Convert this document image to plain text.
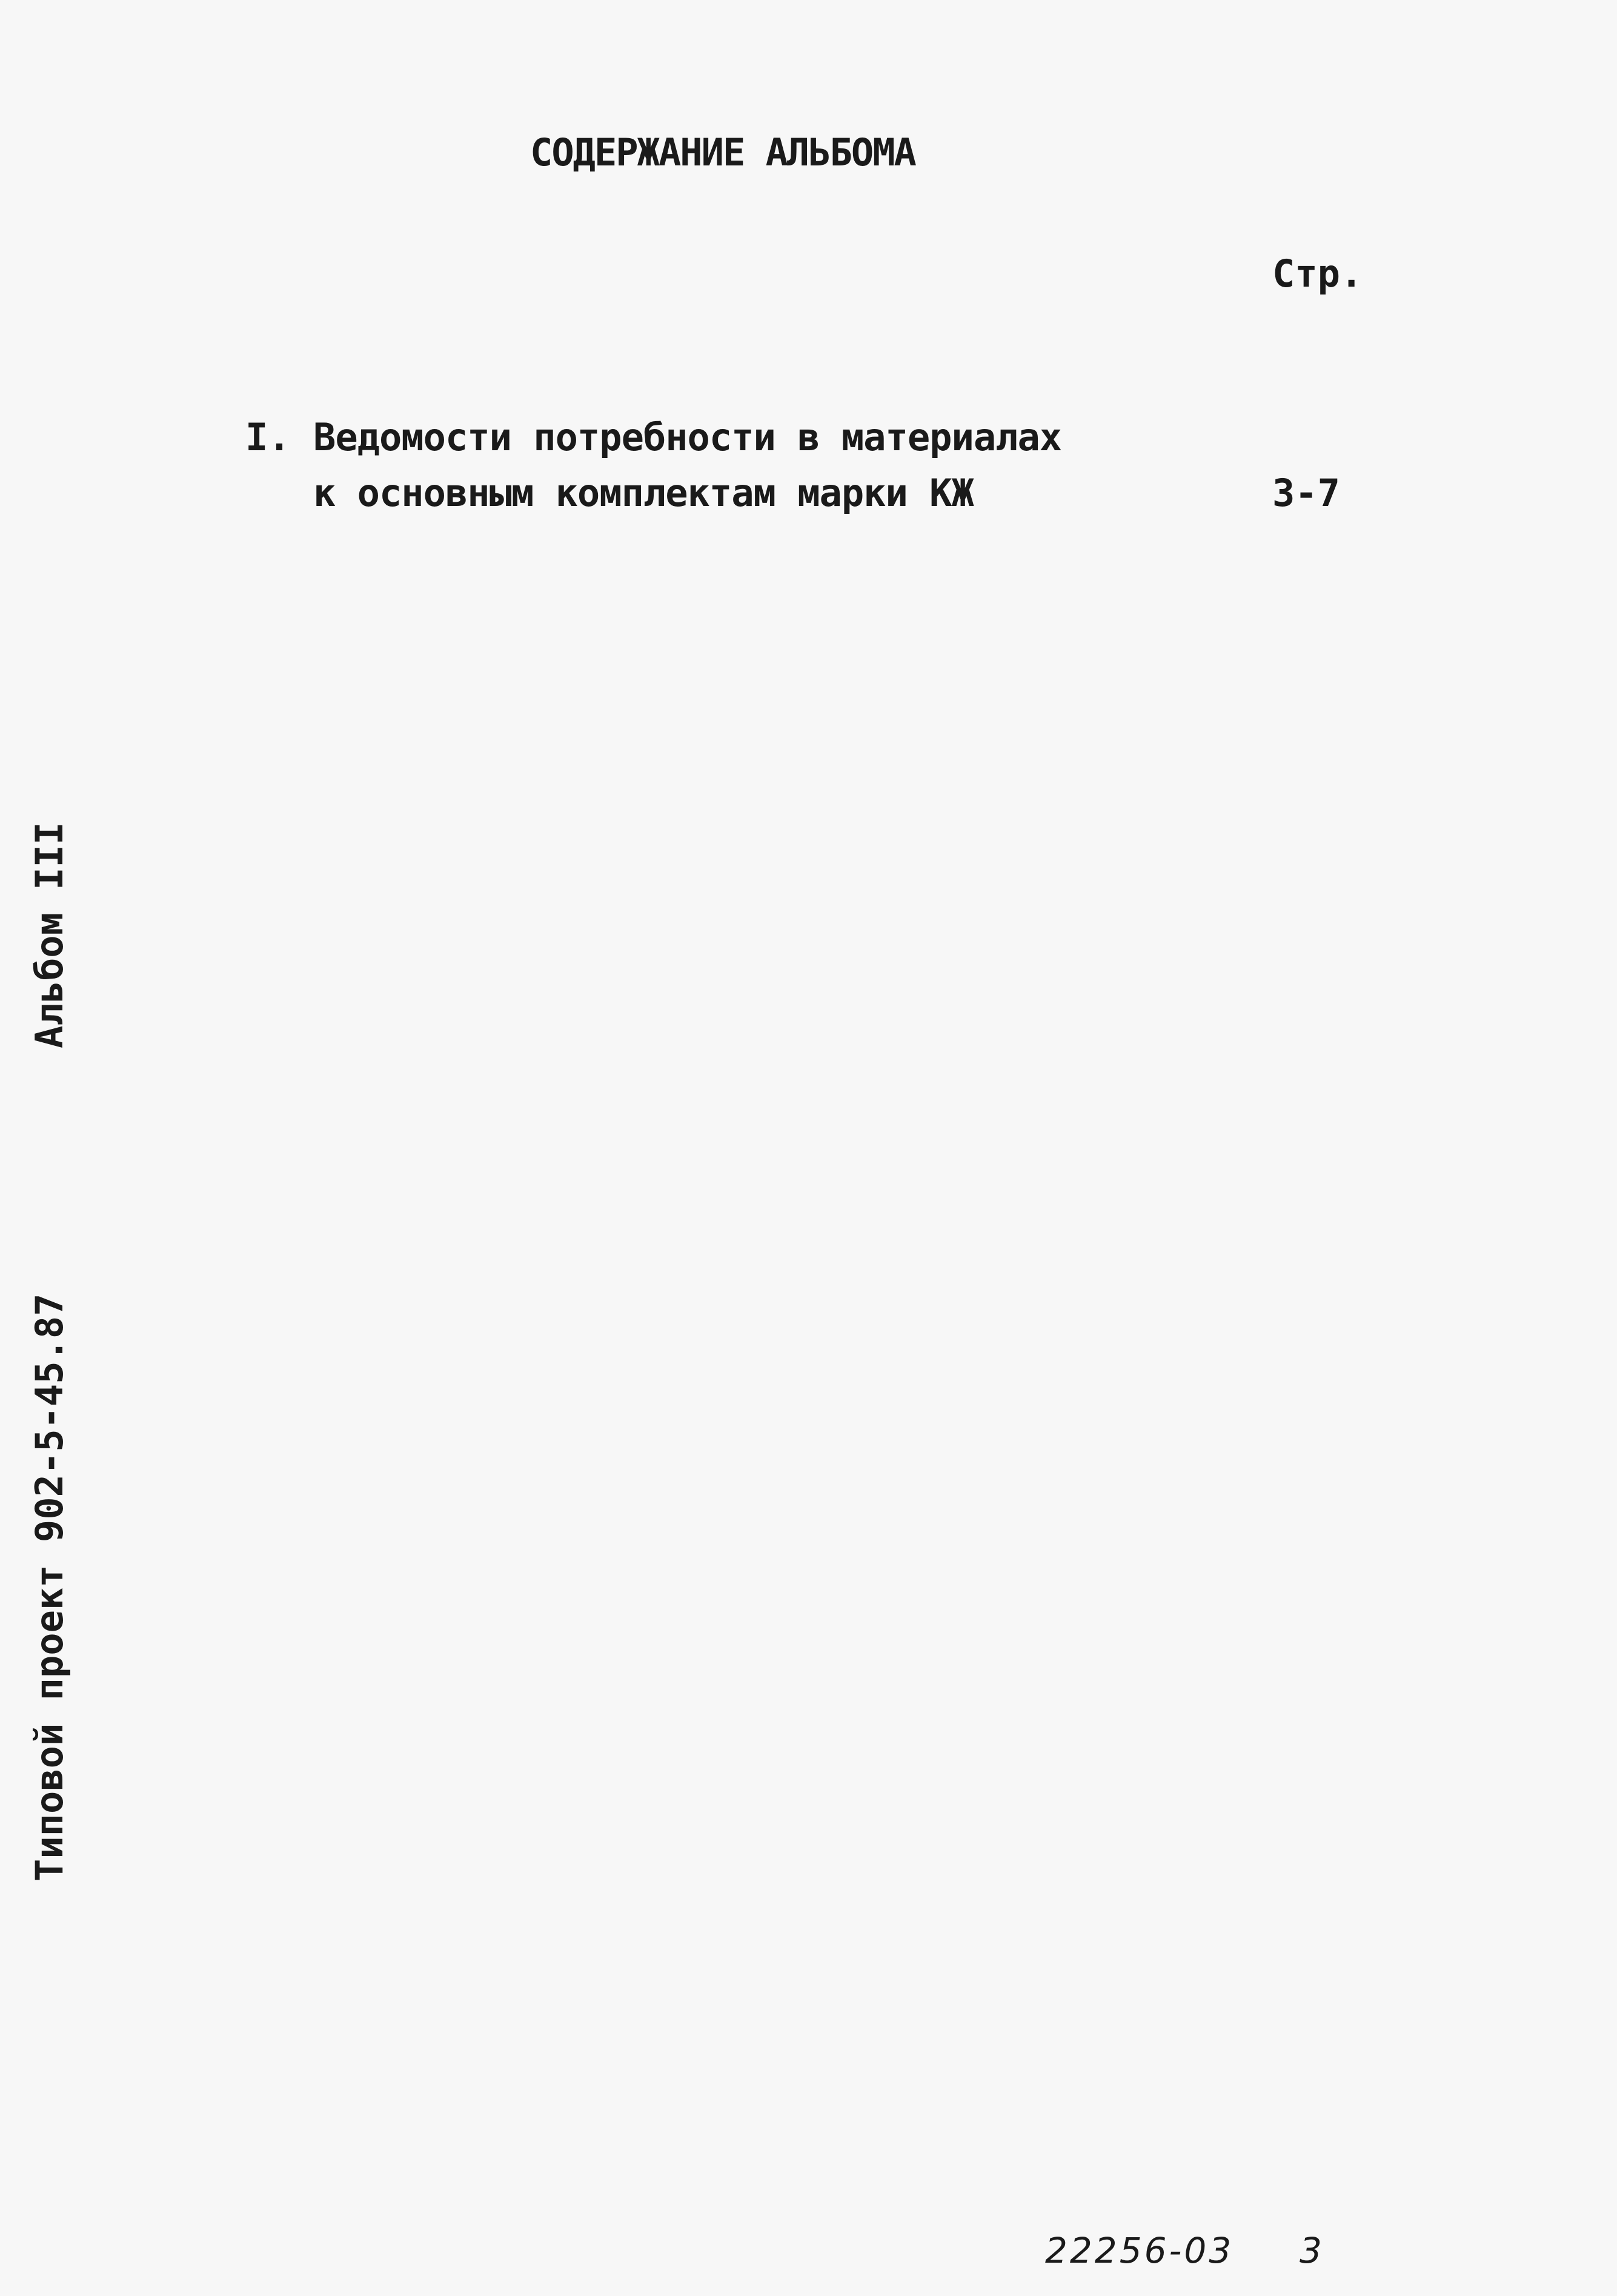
СОДЕРЖАНИЕ АЛЬБОМА
Стр.
I. Ведомости потребности в материалах
к основным комплектам марки КЖ	3-7
Альбом III
Типовой проект 902-5-45.87
22256-03 3
